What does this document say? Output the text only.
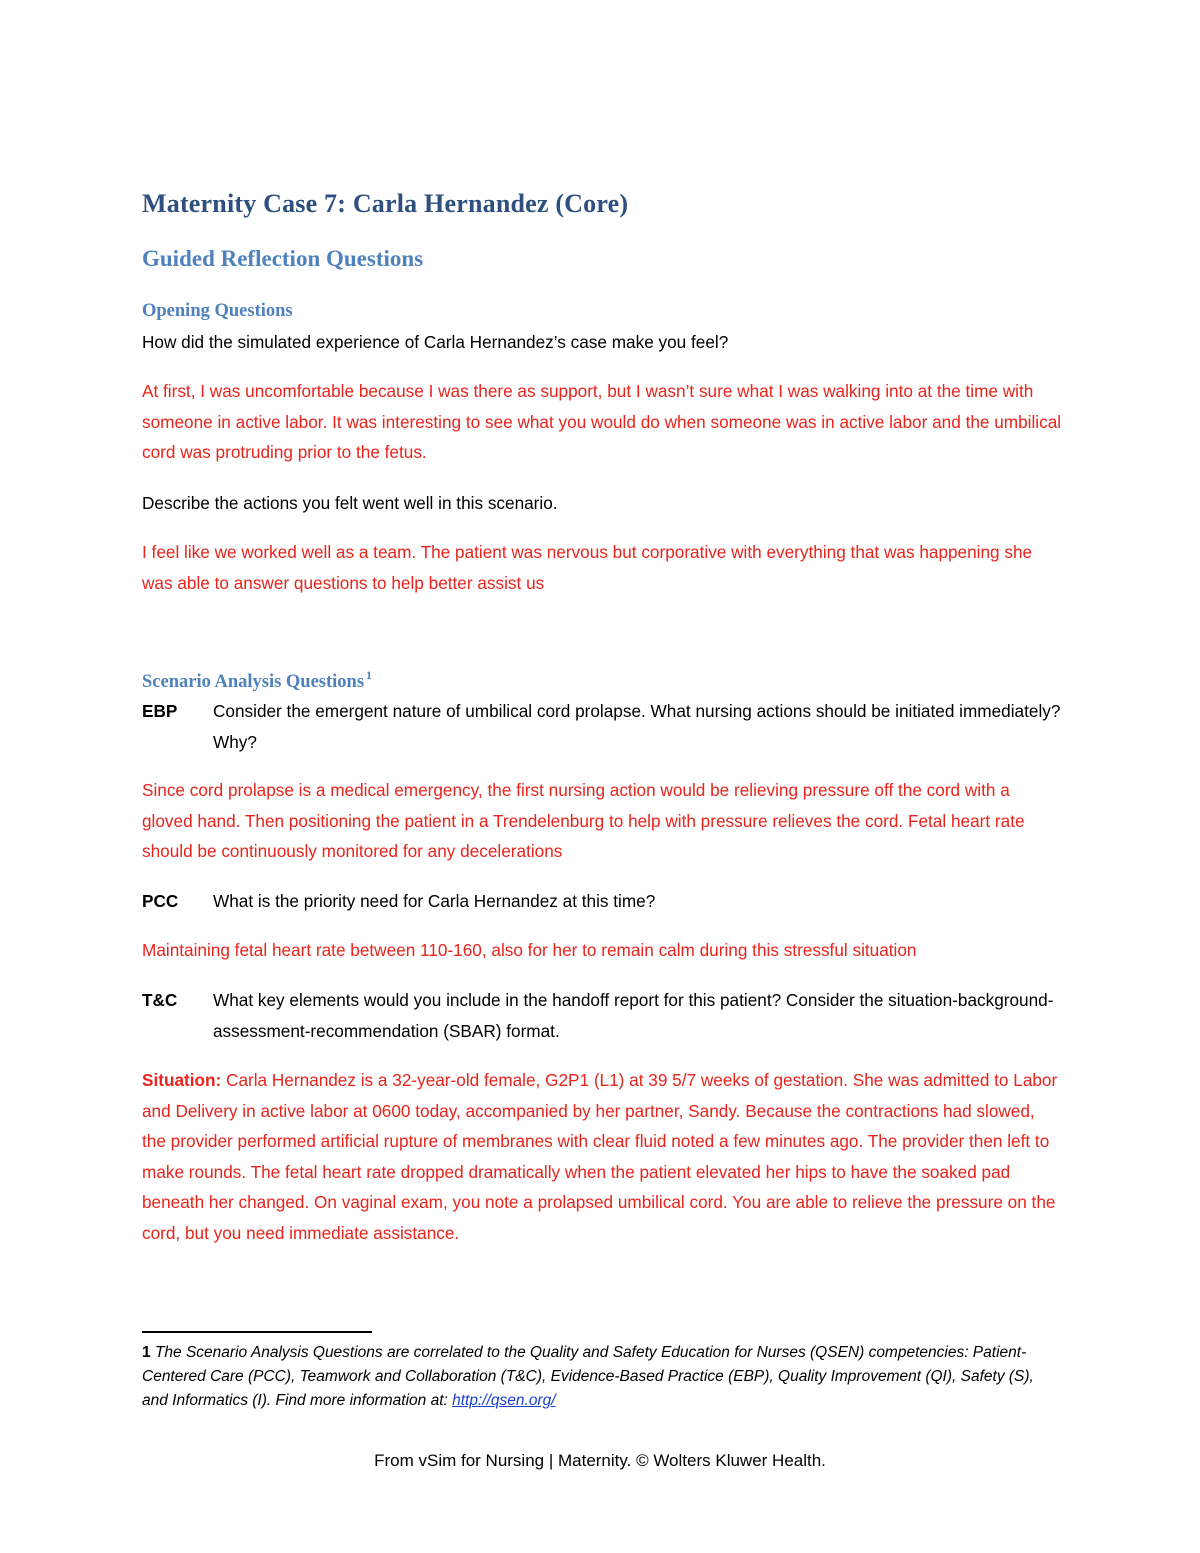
Maternity Case 7: Carla Hernandez (Core)
Guided Reflection Questions
Opening Questions
How did the simulated experience of Carla Hernandez’s case make you feel?
At first, I was uncomfortable because I was there as support, but I wasn’t sure what I was walking into at the time with someone in active labor. It was interesting to see what you would do when someone was in active labor and the umbilical cord was protruding prior to the fetus.
Describe the actions you felt went well in this scenario.
I feel like we worked well as a team. The patient was nervous but corporative with everything that was happening she was able to answer questions to help better assist us
Scenario Analysis Questions $^1$
EBP Consider the emergent nature of umbilical cord prolapse. What nursing actions should be initiated immediately? Why?
Since cord prolapse is a medical emergency, the first nursing action would be relieving pressure off the cord with a gloved hand. Then positioning the patient in a Trendelenburg to help with pressure relieves the cord. Fetal heart rate should be continuously monitored for any decelerations
PCC What is the priority need for Carla Hernandez at this time?
Maintaining fetal heart rate between 110-160, also for her to remain calm during this stressful situation
T&C What key elements would you include in the handoff report for this patient? Consider the situation-background-assessment-recommendation (SBAR) format.
Situation: Carla Hernandez is a 32-year-old female, G2P1 (L1) at 39 5/7 weeks of gestation. She was admitted to Labor and Delivery in active labor at 0600 today, accompanied by her partner, Sandy. Because the contractions had slowed, the provider performed artificial rupture of membranes with clear fluid noted a few minutes ago. The provider then left to make rounds. The fetal heart rate dropped dramatically when the patient elevated her hips to have the soaked pad beneath her changed. On vaginal exam, you note a prolapsed umbilical cord. You are able to relieve the pressure on the cord, but you need immediate assistance.
1 The Scenario Analysis Questions are correlated to the Quality and Safety Education for Nurses (QSEN) competencies: Patient-Centered Care (PCC), Teamwork and Collaboration (T&C), Evidence-Based Practice (EBP), Quality Improvement (QI), Safety (S), and Informatics (I). Find more information at: http://qsen.org/
From vSim for Nursing | Maternity. © Wolters Kluwer Health.
